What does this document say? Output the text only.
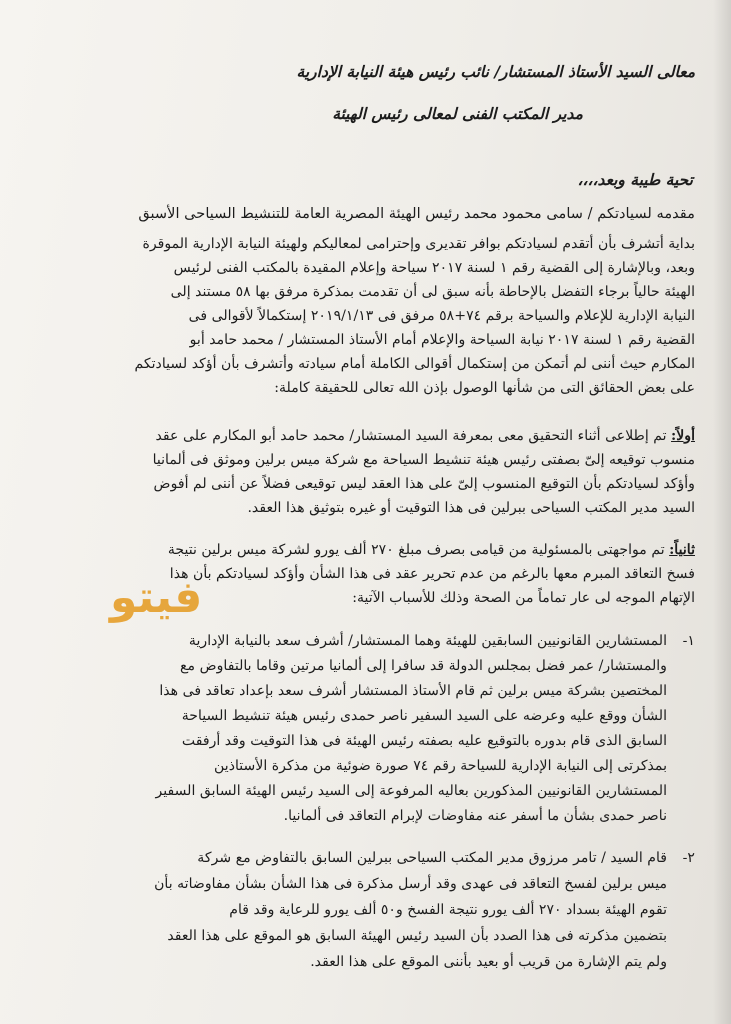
معالى السيد الأستاذ المستشار/ نائب رئيس هيئة النيابة الإدارية
مدير المكتب الفنى لمعالى رئيس الهيئة
تحية طيبة وبعد،،،،
مقدمه لسيادتكم / سامى محمود محمد رئيس الهيئة المصرية العامة للتنشيط السياحى الأسبق
بداية أتشرف بأن أتقدم لسيادتكم بوافر تقديرى وإحترامى لمعاليكم ولهيئة النيابة الإدارية الموقرة
وبعد، وبالإشارة إلى القضية رقم ١ لسنة ٢٠١٧ سياحة وإعلام المقيدة بالمكتب الفنى لرئيس
الهيئة حالياً برجاء التفضل بالإحاطة بأنه سبق لى أن تقدمت بمذكرة مرفق بها ٥٨ مستند إلى
النيابة الإدارية للإعلام والسياحة برقم ٧٤+٥٨ مرفق فى ٢٠١٩/١/١٣ إستكمالاً لأقوالى فى
القضية رقم ١ لسنة ٢٠١٧ نيابة السياحة والإعلام أمام الأستاذ المستشار / محمد حامد أبو
المكارم حيث أننى لم أتمكن من إستكمال أقوالى الكاملة أمام سيادته وأتشرف بأن أؤكد لسيادتكم
على بعض الحقائق التى من شأنها الوصول بإذن الله تعالى للحقيقة كاملة:
أولاً: تم إطلاعى أثناء التحقيق معى بمعرفة السيد المستشار/ محمد حامد أبو المكارم على عقد
منسوب توقيعه إلىّ بصفتى رئيس هيئة تنشيط السياحة مع شركة ميس برلين وموثق فى ألمانيا
وأؤكد لسيادتكم بأن التوقيع المنسوب إلىّ على هذا العقد ليس توقيعى فضلاً عن أننى لم أفوض
السيد مدير المكتب السياحى ببرلين فى هذا التوقيت أو غيره بتوثيق هذا العقد.
ثانياً: تم مواجهتى بالمسئولية من قيامى بصرف مبلغ ٢٧٠ ألف يورو لشركة ميس برلين نتيجة
فسخ التعاقد المبرم معها بالرغم من عدم تحرير عقد فى هذا الشأن وأؤكد لسيادتكم بأن هذا
الإتهام الموجه لى عار تماماً من الصحة وذلك للأسباب الآتية:
١-
المستشارين القانونيين السابقين للهيئة وهما المستشار/ أشرف سعد بالنيابة الإدارية
والمستشار/ عمر فضل بمجلس الدولة قد سافرا إلى ألمانيا مرتين وقاما بالتفاوض مع
المختصين بشركة ميس برلين ثم قام الأستاذ المستشار أشرف سعد بإعداد تعاقد فى هذا
الشأن ووقع عليه وعرضه على السيد السفير ناصر حمدى رئيس هيئة تنشيط السياحة
السابق الذى قام بدوره بالتوقيع عليه بصفته رئيس الهيئة فى هذا التوقيت وقد أرفقت
بمذكرتى إلى النيابة الإدارية للسياحة رقم ٧٤ صورة ضوئية من مذكرة الأستاذين
المستشارين القانونيين المذكورين بعاليه المرفوعة إلى السيد رئيس الهيئة السابق السفير
ناصر حمدى بشأن ما أسفر عنه مفاوضات لإبرام التعاقد فى ألمانيا.
٢-
قام السيد / تامر مرزوق مدير المكتب السياحى ببرلين السابق بالتفاوض مع شركة
ميس برلين لفسخ التعاقد فى عهدى وقد أرسل مذكرة فى هذا الشأن بشأن مفاوضاته بأن
تقوم الهيئة بسداد ٢٧٠ ألف يورو نتيجة الفسخ و٥٠ ألف يورو للرعاية وقد قام
بتضمين مذكرته فى هذا الصدد بأن السيد رئيس الهيئة السابق هو الموقع على هذا العقد
ولم يتم الإشارة من قريب أو بعيد بأننى الموقع على هذا العقد.
فيتو
